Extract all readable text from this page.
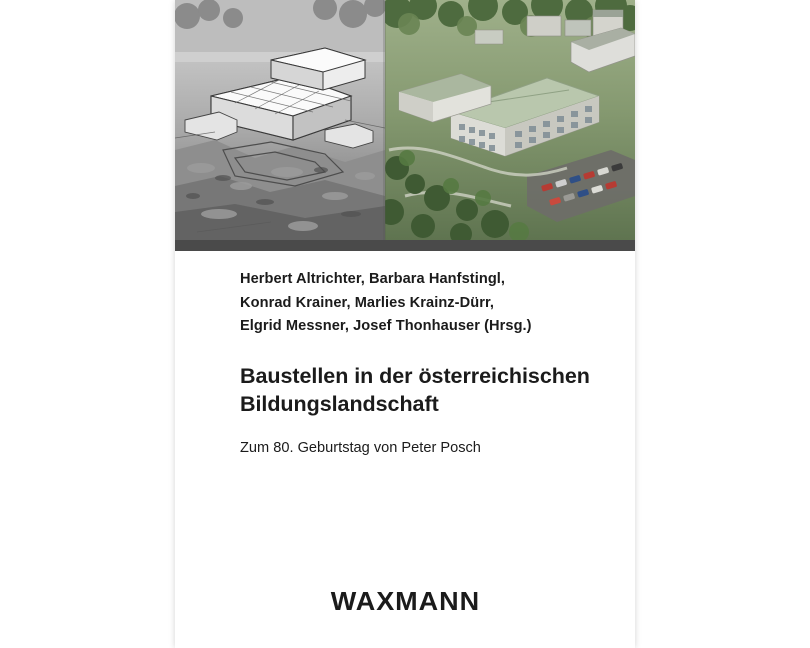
Herbert Altrichter, Barbara Hanfstingl,
Konrad Krainer, Marlies Krainz-Dürr,
Elgrid Messner, Josef Thonhauser (Hrsg.)
Baustellen in der österreichischen
Bildungslandschaft
Zum 80. Geburtstag von Peter Posch
WAXMANN
